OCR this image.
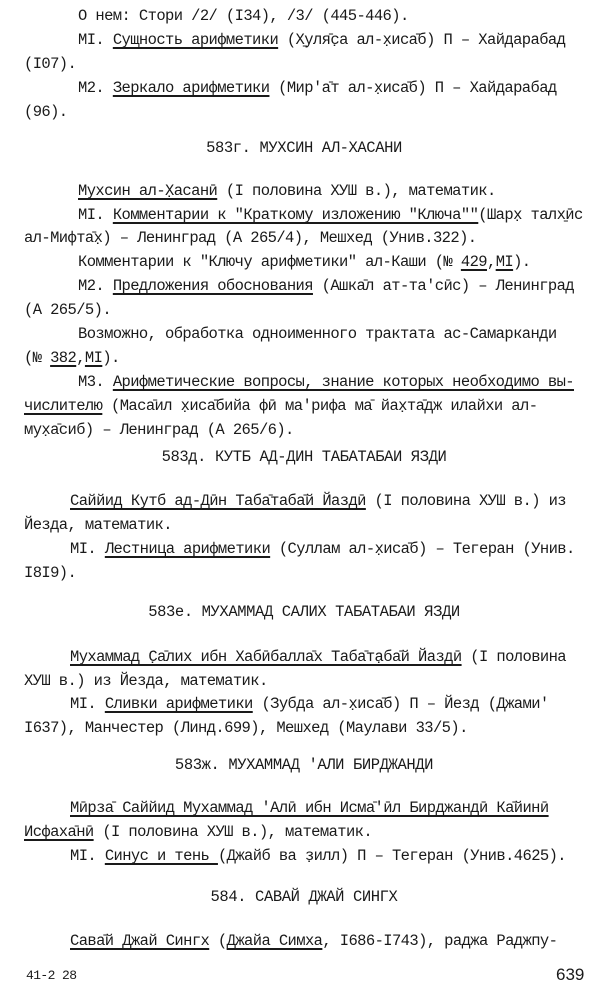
О нем: Стори /2/ (I34), /3/ (445-446).
МI. Сущность арифметики (Х̱уля̄с̣а ал-х̣иса̄б) П – Хайдарабад
(I07).
М2. Зеркало арифметики (Мир'а̄т ал-х̣иса̄б) П – Хайдарабад
(96).
583г. МУХСИН АЛ-ХАСАНИ
Мухсин ал-Х̣асанӣ (I половина ХУШ в.), математик.
МI. Комментарии к "Краткому изложению "Ключа""(Шарх̣ талх̱ӣс
ал-Мифта̄х̣) – Ленинград (А 265/4), Мешхед (Унив.322).
Комментарии к "Ключу арифметики" ал-Каши (№ 429,МI).
М2. Предложения обоснования (Ашка̄л ат-та'сӣс) – Ленинград
(А 265/5).
Возможно, обработка одноименного трактата ас-Самарканди
(№ 382,МI).
М3. Арифметические вопросы, знание которых необходимо вы-
числителю (Маса̄ил х̣иса̄бийа фӣ ма'рифа ма̄ йах̣та̄дж илайхи ал-
мух̣а̄сиб) – Ленинград (А 265/6).
583д. КУТБ АД-ДИН ТАБАТАБАИ ЯЗДИ
Саййид Кутб ад-Дӣн Таба̄тaба̄й Йаздӣ (I половина ХУШ в.) из
Йезда, математик.
МI. Лестница арифметики (Суллам ал-х̣иса̄б) – Тегеран (Унив.
I8I9).
583е. МУХАММАД САЛИХ ТАБАТАБАИ ЯЗДИ
Мухаммад С̣а̄лих ибн Хабӣбалла̄х Таба̄та̣ба̄й Йаздӣ (I половина
ХУШ в.) из Йезда, математик.
МI. Сливки арифметики (Зубда ал-х̣иса̄б) П – Йезд (Джами'
I637), Манчестер (Линд.699), Мешхед (Маулави 33/5).
583ж. МУХАММАД 'АЛИ БИРДЖАНДИ
Мӣрза̄ Саййид Мухаммад 'Алӣ ибн Исма̄'ӣл Бирджандӣ Ка̄йинӣ
Исфаха̄нӣ (I половина ХУШ в.), математик.
МI. Синус и тень (Джайб ва з̣илл) П – Тегеран (Унив.4625).
584. САВАЙ ДЖАЙ СИНГХ
Сава̄й Джай Сингх (Джайа Симха, I686-I743), раджа Раджпу-
41-2 28	639
